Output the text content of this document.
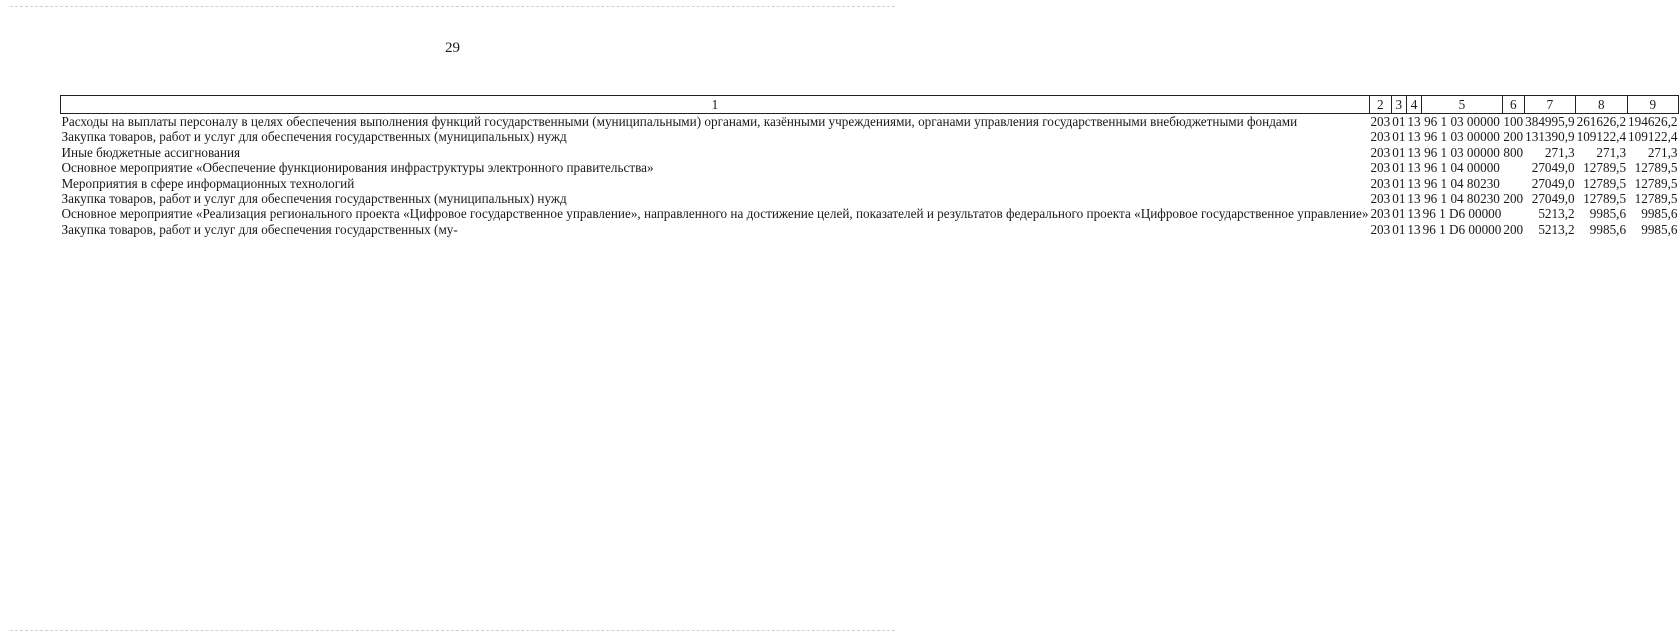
29
1	2	3	4	5	6	7	8	9
Расходы на выплаты персоналу в целях обеспечения выполнения функций государственными (муниципальными) органами, казёнными учреждениями, органами управления государственными внебюджетными фондами	203	01	13	96 1 03 00000	100	384995,9	261626,2	194626,2
Закупка товаров, работ и услуг для обеспечения государственных (муниципальных) нужд	203	01	13	96 1 03 00000	200	131390,9	109122,4	109122,4
Иные бюджетные ассигнования	203	01	13	96 1 03 00000	800	271,3	271,3	271,3
Основное мероприятие «Обеспечение функционирования инфраструктуры электронного правительства»	203	01	13	96 1 04 00000		27049,0	12789,5	12789,5
Мероприятия в сфере информационных технологий	203	01	13	96 1 04 80230		27049,0	12789,5	12789,5
Закупка товаров, работ и услуг для обеспечения государственных (муниципальных) нужд	203	01	13	96 1 04 80230	200	27049,0	12789,5	12789,5
Основное мероприятие «Реализация регионального проекта «Цифровое государственное управление», направленного на достижение целей, показателей и результатов федерального проекта «Цифровое государственное управление»	203	01	13	96 1 D6 00000		5213,2	9985,6	9985,6
Закупка товаров, работ и услуг для обеспечения государственных (му-	203	01	13	96 1 D6 00000	200	5213,2	9985,6	9985,6
